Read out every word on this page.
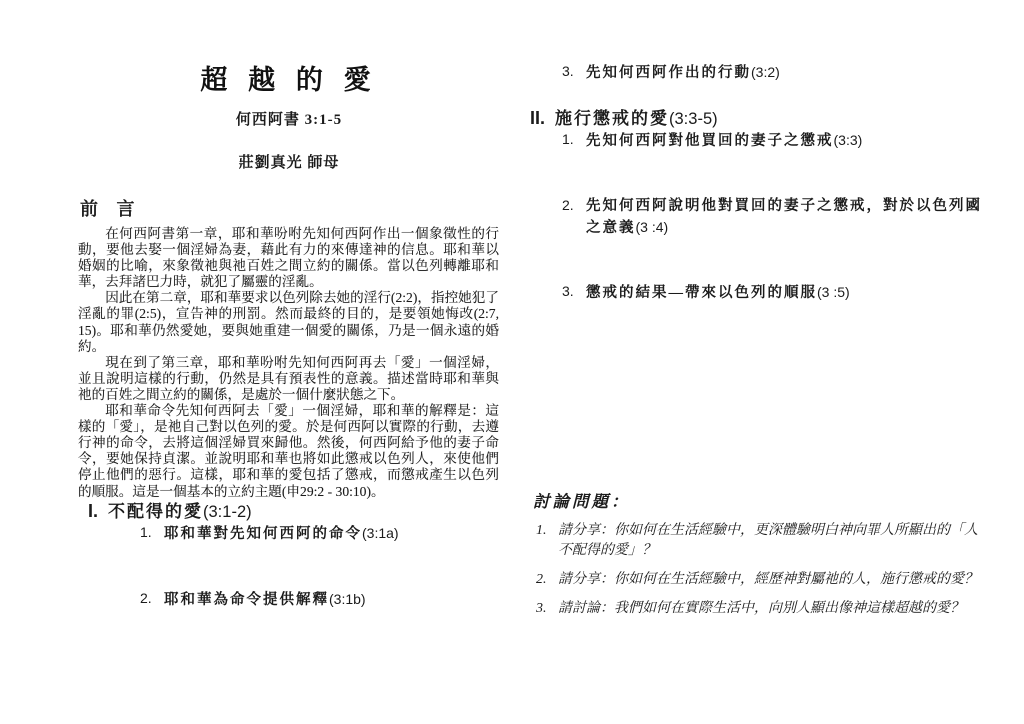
超 越 的 愛
何西阿書 3:1-5
莊劉真光 師母
前 言

在何西阿書第一章，耶和華吩咐先知何西阿作出一個象徵性的行動，要他去娶一個淫婦為妻，藉此有力的來傳達神的信息。耶和華以婚姻的比喻，來象徵祂與祂百姓之間立約的關係。當以色列轉離耶和華，去拜諸巴力時，就犯了屬靈的淫亂。

因此在第二章，耶和華要求以色列除去她的淫行(2:2)，指控她犯了淫亂的罪(2:5)，宣告神的刑罰。然而最終的目的，是要領她悔改(2:7, 15)。耶和華仍然愛她，要與她重建一個愛的關係，乃是一個永遠的婚約。

現在到了第三章，耶和華吩咐先知何西阿再去「愛」一個淫婦，並且說明這樣的行動，仍然是具有預表性的意義。描述當時耶和華與祂的百姓之間立約的關係，是處於一個什麼狀態之下。

耶和華命令先知何西阿去「愛」一個淫婦，耶和華的解釋是：這樣的「愛」，是祂自己對以色列的愛。於是何西阿以實際的行動，去遵行神的命令，去將這個淫婦買來歸他。然後，何西阿給予他的妻子命令，要她保持貞潔。並說明耶和華也將如此懲戒以色列人，來使他們停止他們的惡行。這樣，耶和華的愛包括了懲戒，而懲戒產生以色列的順服。這是一個基本的立約主題(申29:2 - 30:10)。

I. 不配得的愛(3:1-2)
1. 耶和華對先知何西阿的命令(3:1a)
2. 耶和華為命令提供解釋(3:1b)
3. 先知何西阿作出的行動(3:2)
II. 施行懲戒的愛(3:3-5)
1. 先知何西阿對他買回的妻子之懲戒(3:3)
2. 先知何西阿說明他對買回的妻子之懲戒，對於以色列國之意義(3 :4)
3. 懲戒的結果—帶來以色列的順服(3 :5)
討論問題：
1. 請分享：你如何在生活經驗中，更深體驗明白神向罪人所顯出的「人不配得的愛」？
2. 請分享：你如何在生活經驗中，經歷神對屬祂的人，施行懲戒的愛？
3. 請討論：我們如何在實際生活中，向別人顯出像神這樣超越的愛？
